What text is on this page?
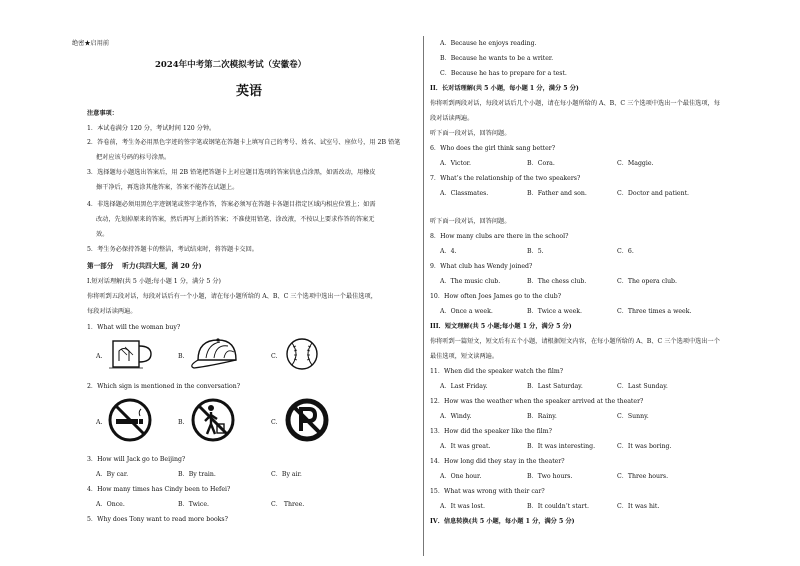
绝密★启用前
2024年中考第二次模拟考试（安徽卷）
英语
注意事项：
1．本试卷满分 120 分，考试时间 120 分钟。
2．答卷前，考生务必用黑色字迹的签字笔或钢笔在答题卡上填写自己的考号、姓名、试室号、座位号，用 2B 铅笔
把对应该号码的标号涂黑。
3．选择题每小题选出答案后，用 2B 铅笔把答题卡上对应题目选项的答案信息点涂黑，如需改动，用橡皮
擦干净后，再选涂其他答案，答案不能答在试题上。
4．非选择题必须用黑色字迹钢笔或签字笔作答，答案必须写在答题卡各题目指定区域内相应位置上；如需
改动，先划掉原来的答案，然后再写上新的答案；不准使用铅笔、涂改液，不按以上要求作答的答案无
效。
5．考生务必保持答题卡的整洁，考试结束时，将答题卡交回。
第一部分　 听力(共四大题，满 20 分)
I.短对话理解(共 5 小题;每小题 1 分，满分 5 分)
你将听到五段对话，每段对话后有一个小题，请在每小题所给的 A、B、C 三个选项中选出一个最佳选项，
每段对话读两遍。
1．What will the woman buy?
A.	B.	C.
2．Which sign is mentioned in the conversation?
A.	B.	C.
3．How will Jack go to Beijing?
A．By car.	B．By train.	C．By air.
4．How many times has Cindy been to Hefei?
A．Once.	B．Twice.	C． Three.
5．Why does Tony want to read more books?
A．Because he enjoys reading.
B．Because he wants to be a writer.
C．Because he has to prepare for a test.
II．长对话理解(共 5 小题，每小题 1 分，满分 5 分)
你将听到两段对话，每段对话后几个小题，请在每小题所给的 A、B、C 三个选项中选出一个最佳选项，每
段对话读两遍。
听下面一段对话，回答问题。
6．Who does the girl think sang better?
A．Victor.	B．Cora.	C．Maggie.
7．What’s the relationship of the two speakers?
A．Classmates.	B．Father and son.	C．Doctor and patient.
听下面一段对话，回答问题。
8．How many clubs are there in the school?
A．4.	B．5.	C．6.
9．What club has Wendy joined?
A．The music club.	B．The chess club.	C．The opera club.
10．How often Joes James go to the club?
A．Once a week.	B．Twice a week.	C．Three times a week.
III．短文理解(共 5 小题;每小题 1 分，满分 5 分)
你将听到一篇短文，短文后有五个小题，请根据短文内容，在每小题所给的 A、B、C 三个选项中选出一个
最佳选项，短文读两遍。
11．When did the speaker watch the film?
A．Last Friday.	B．Last Saturday.	C．Last Sunday.
12．How was the weather when the speaker arrived at the theater?
A．Windy.	B．Rainy.	C．Sunny.
13．How did the speaker like the film?
A．It was great.	B．It was interesting.	C．It was boring.
14．How long did they stay in the theater?
A．One hour.	B．Two hours.	C．Three hours.
15．What was wrong with their car?
A．It was lost.	B．It couldn’t start.	C．It was hit.
IV．信息转换(共 5 小题，每小题 1 分，满分 5 分)
